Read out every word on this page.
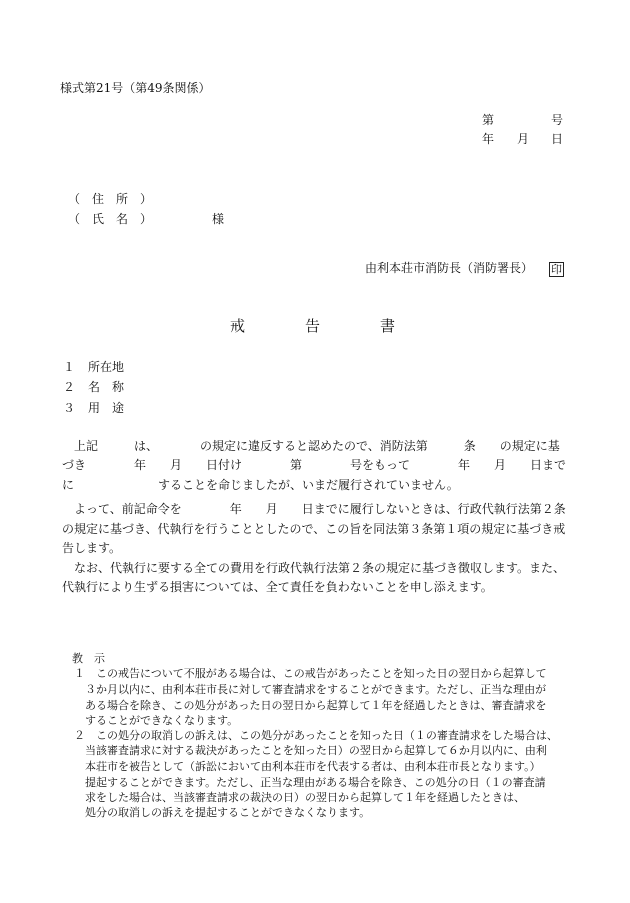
様式第21号（第49条関係）
第	号
年 月 日
（　住　所　）
（　氏　名　）	様
由利本荘市消防長（消防署長） 印
戒　　　　告　　　　書
１ 所在地
２ 名　称
３ 用　途
　上記　　　は、　　　　の規定に違反すると認めたので、消防法第　　　条　　の規定に基
づき　　　　年　　月　　日付け　　　　第　　　　号をもって　　　　年　　月　　日まで
に　　　　　　　することを命じましたが、いまだ履行されていません。
　よって、前記命令を　　　　年　　月　　日までに履行しないときは、行政代執行法第２条
の規定に基づき、代執行を行うこととしたので、この旨を同法第３条第１項の規定に基づき戒
告します。
　なお、代執行に要する全ての費用を行政代執行法第２条の規定に基づき徴収します。また、
代執行により生ずる損害については、全て責任を負わないことを申し添えます。
教　示
１　この戒告について不服がある場合は、この戒告があったことを知った日の翌日から起算して
　３か月以内に、由利本荘市長に対して審査請求をすることができます。ただし、正当な理由が
　ある場合を除き、この処分があった日の翌日から起算して１年を経過したときは、審査請求を
　することができなくなります。
２　この処分の取消しの訴えは、この処分があったことを知った日（１の審査請求をした場合は、
　当該審査請求に対する裁決があったことを知った日）の翌日から起算して６か月以内に、由利
　本荘市を被告として（訴訟において由利本荘市を代表する者は、由利本荘市長となります。）
　提起することができます。ただし、正当な理由がある場合を除き、この処分の日（１の審査請
　求をした場合は、当該審査請求の裁決の日）の翌日から起算して１年を経過したときは、
　処分の取消しの訴えを提起することができなくなります。
